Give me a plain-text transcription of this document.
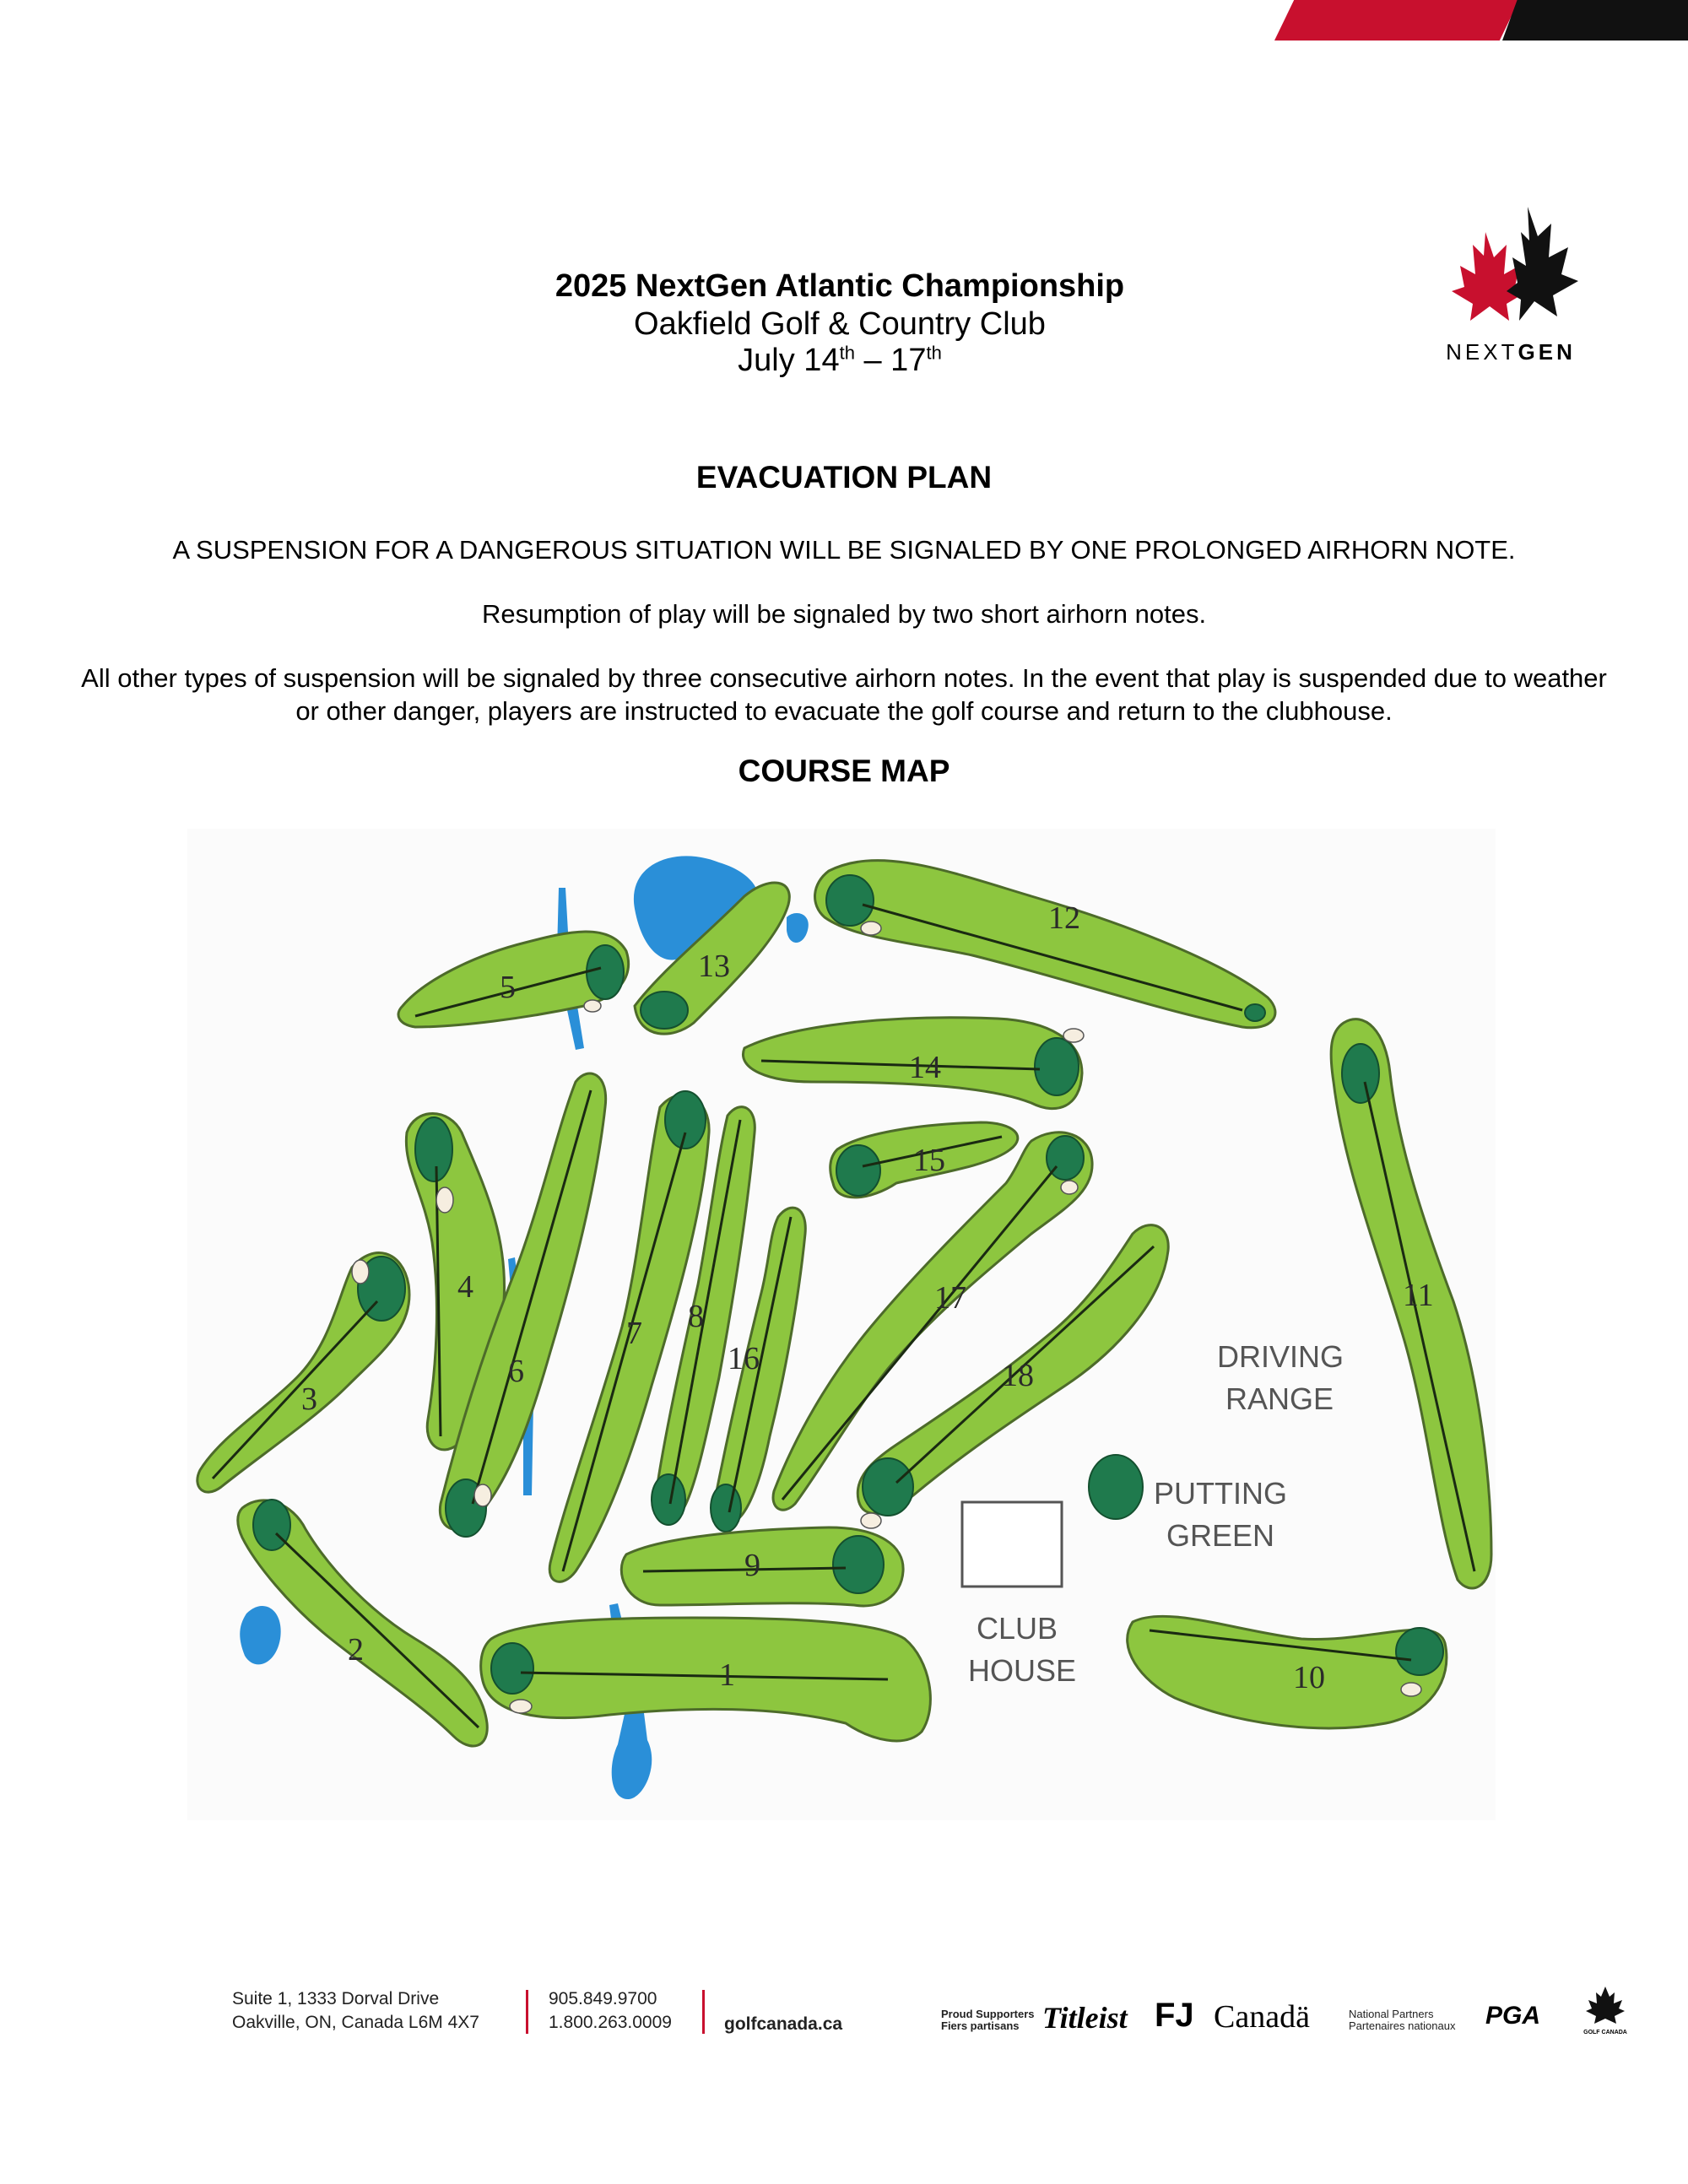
NEXTGEN
2025 NextGen Atlantic Championship
Oakfield Golf & Country Club
July 14th – 17th
EVACUATION PLAN
A SUSPENSION FOR A DANGEROUS SITUATION WILL BE SIGNALED BY ONE PROLONGED AIRHORN NOTE.
Resumption of play will be signaled by two short airhorn notes.
All other types of suspension will be signaled by three consecutive airhorn notes. In the event that play is suspended due to weather or other danger, players are instructed to evacuate the golf course and return to the clubhouse.
COURSE MAP
1
2
3
4
5
6
7 8
9
10
11
12
13
14
15
16
17
18
DRIVING
RANGE
PUTTING
GREEN
CLUB
HOUSE
Suite 1, 1333 Dorval Drive
Oakville, ON, Canada L6M 4X7
905.849.9700
1.800.263.0009	golfcanada.ca
Proud Supporters
Fiers partisans Titleist FJ Canadä	National Partners
Partenaires nationaux PGA
GOLF CANADA
